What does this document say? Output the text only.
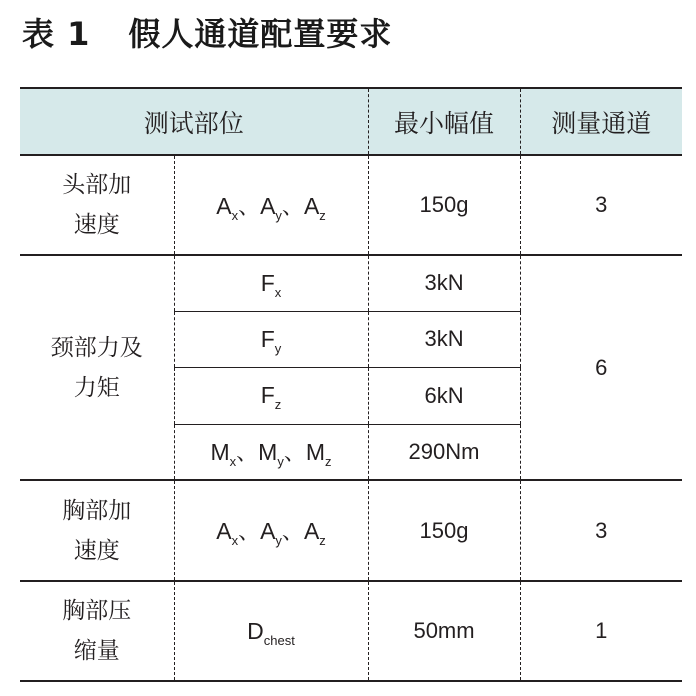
表 1 假人通道配置要求
测试部位		最小幅值	测量通道

头部加
速度	$A_x$、$A_y$、$A_z$	150g	3

颈部力及
力矩	$F_x$	3kN	6
	$F_y$	3kN	
	$F_z$	6kN	
	$M_x$、$M_y$、$M_z$	290Nm	

胸部加
速度	$A_x$、$A_y$、$A_z$	150g	3

胸部压
缩量	$D_{chest}$	50mm	1
